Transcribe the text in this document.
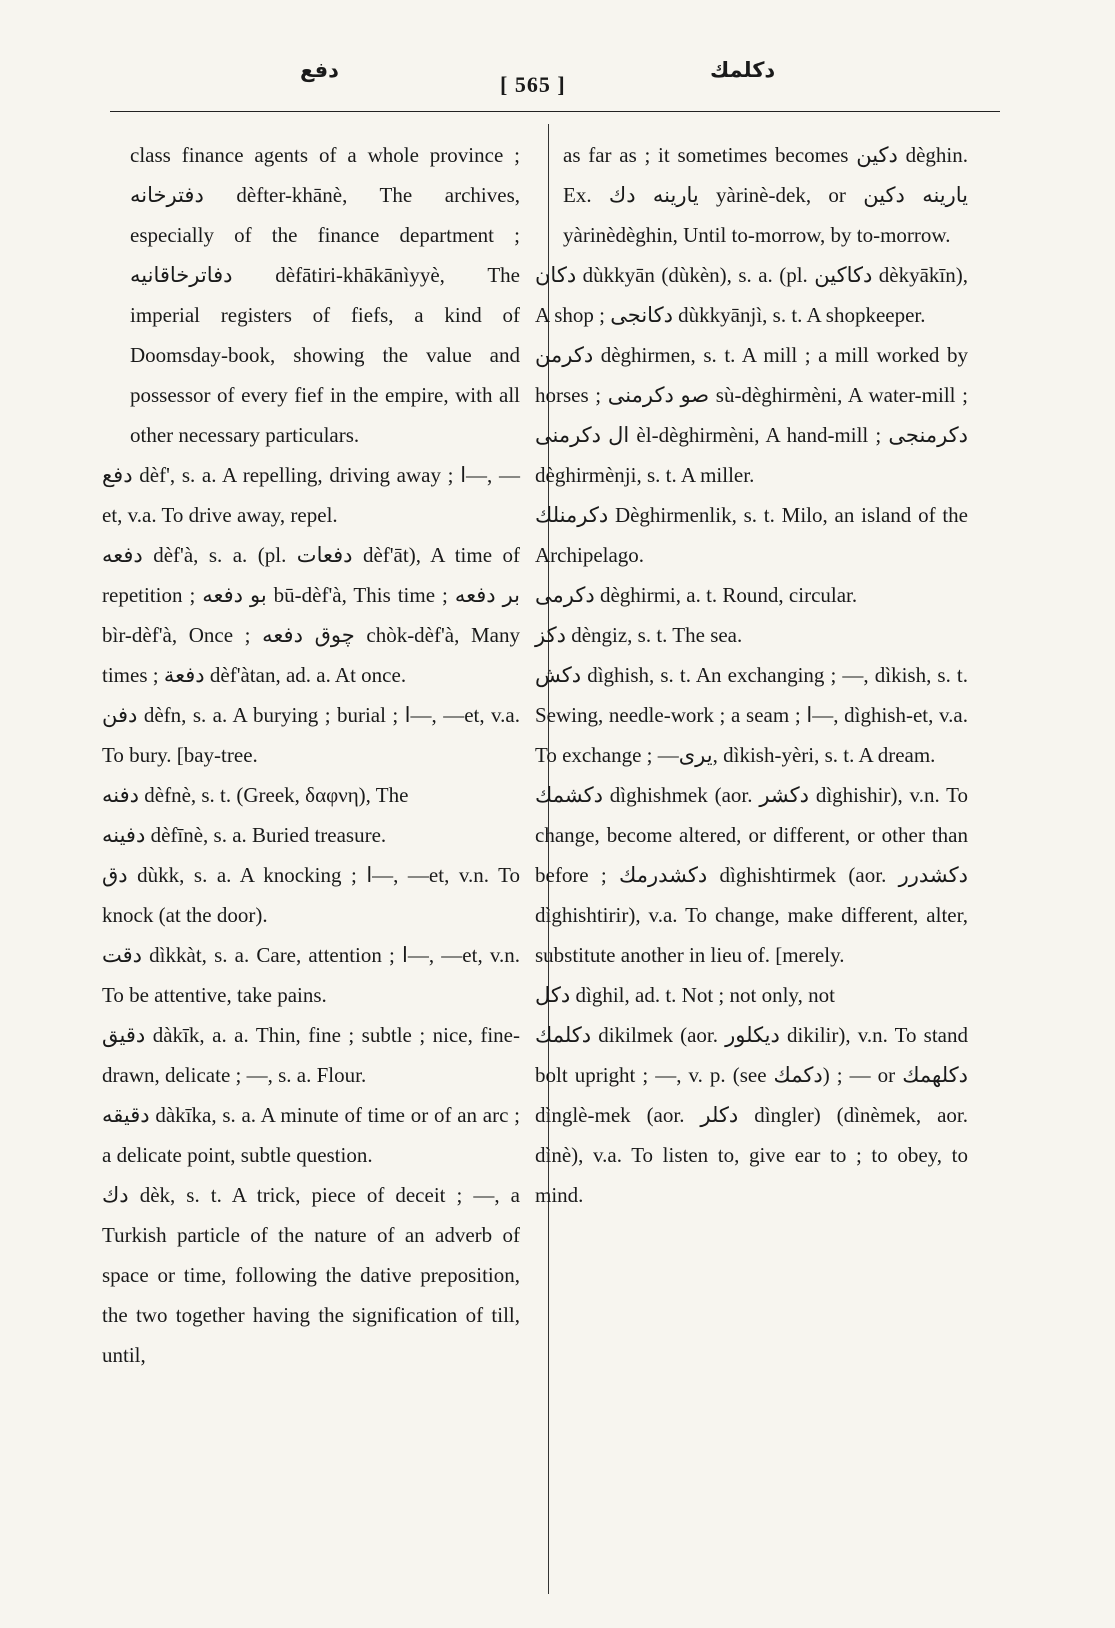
دفع
[ 565 ]
دكلمك

class finance agents of a whole province ; دفترخانه dèfter-khānè, The archives, especially of the finance department ; دفاترخاقانيه dèfātiri-khākānìyyè, The imperial registers of fiefs, a kind of Doomsday-book, showing the value and possessor of every fief in the empire, with all other necessary particulars.

دفع dèf', s. a. A repelling, driving away ; ا—, —et, v.a. To drive away, repel.

دفعه dèf'à, s. a. (pl. دفعات dèf'āt), A time of repetition ; بو دفعه bū-dèf'à, This time ; بر دفعه bìr-dèf'à, Once ; چوق دفعه chòk-dèf'à, Many times ; دفعة dèf'àtan, ad. a. At once.

دفن dèfn, s. a. A burying ; burial ; ا—, —et, v.a. To bury. [bay-tree.

دفنه dèfnè, s. t. (Greek, δαφνη), The

دفينه dèfīnè, s. a. Buried treasure.

دق dùkk, s. a. A knocking ; ا—, —et, v.n. To knock (at the door).

دقت dìkkàt, s. a. Care, attention ; ا—, —et, v.n. To be attentive, take pains.

دقيق dàkīk, a. a. Thin, fine ; subtle ; nice, fine-drawn, delicate ; —, s. a. Flour.

دقيقه dàkīka, s. a. A minute of time or of an arc ; a delicate point, subtle question.

دك dèk, s. t. A trick, piece of deceit ; —, a Turkish particle of the nature of an adverb of space or time, following the dative preposition, the two together having the signification of till, until,

as far as ; it sometimes becomes دكين dèghin. Ex. يارينه دك yàrinè-dek, or يارينه دكين yàrinèdèghin, Until to-morrow, by to-morrow.

دكان dùkkyān (dùkèn), s. a. (pl. دكاكين dèkyākīn), A shop ; دكانجى dùkkyānjì, s. t. A shopkeeper.

دكرمن dèghirmen, s. t. A mill ; a mill worked by horses ; صو دكرمنى sù-dèghirmèni, A water-mill ; ال دكرمنى èl-dèghirmèni, A hand-mill ; دكرمنجى dèghirmènji, s. t. A miller.

دكرمنلك Dèghirmenlik, s. t. Milo, an island of the Archipelago.

دكرمى dèghirmi, a. t. Round, circular.

دكز dèngiz, s. t. The sea.

دكش dìghish, s. t. An exchanging ; —, dìkish, s. t. Sewing, needle-work ; a seam ; ا—, dìghish-et, v.a. To exchange ; —يرى, dìkish-yèri, s. t. A dream.

دكشمك dìghishmek (aor. دكشر dìghishir), v.n. To change, become altered, or different, or other than before ; دكشدرمك dìghishtirmek (aor. دكشدرر dìghishtirir), v.a. To change, make different, alter, substitute another in lieu of. [merely.

دكل dìghil, ad. t. Not ; not only, not

دكلمك dikilmek (aor. ديكلور dikilir), v.n. To stand bolt upright ; —, v. p. (see دكمك) ; — or دكلهمك dìnglè-mek (aor. دكلر dìngler) (dìnèmek, aor. dìnè), v.a. To listen to, give ear to ; to obey, to mind.
